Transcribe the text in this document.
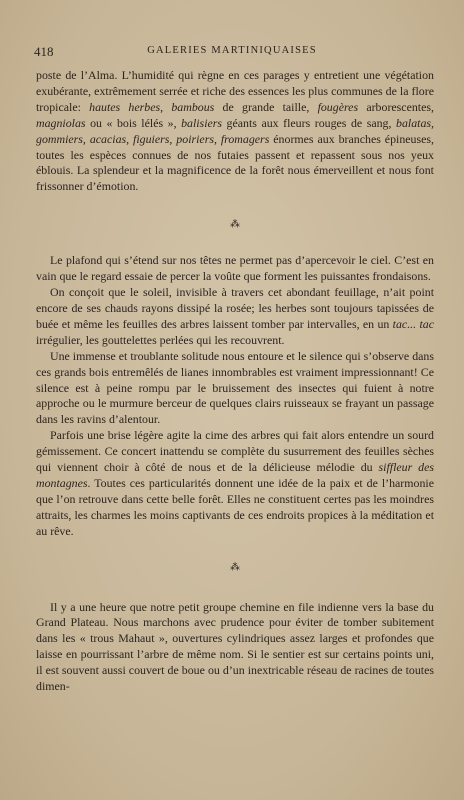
418	GALERIES MARTINIQUAISES

poste de l’Alma. L’humidité qui règne en ces parages y entretient une végétation exubérante, extrêmement serrée et riche des essences les plus communes de la flore tropicale: hautes herbes, bambous de grande taille, fougères arborescentes, magniolas ou « bois lélés », balisiers géants aux fleurs rouges de sang, balatas, gommiers, acacias, figuiers, poiriers, fromagers énormes aux branches épineuses, toutes les espèces connues de nos futaies passent et repassent sous nos yeux éblouis. La splendeur et la magnificence de la forêt nous émerveillent et nous font frissonner d’émotion.

⁂

Le plafond qui s’étend sur nos têtes ne permet pas d’apercevoir le ciel. C’est en vain que le regard essaie de percer la voûte que forment les puissantes frondaisons.

On conçoit que le soleil, invisible à travers cet abondant feuillage, n’ait point encore de ses chauds rayons dissipé la rosée; les herbes sont toujours tapissées de buée et même les feuilles des arbres laissent tomber par intervalles, en un tac... tac irrégulier, les gouttelettes perlées qui les recouvrent.

Une immense et troublante solitude nous entoure et le silence qui s’observe dans ces grands bois entremêlés de lianes innombrables est vraiment impressionnant! Ce silence est à peine rompu par le bruissement des insectes qui fuient à notre approche ou le murmure berceur de quelques clairs ruisseaux se frayant un passage dans les ravins d’alentour.

Parfois une brise légère agite la cime des arbres qui fait alors entendre un sourd gémissement. Ce concert inattendu se complète du susurrement des feuilles sèches qui viennent choir à côté de nous et de la délicieuse mélodie du siffleur des montagnes. Toutes ces particularités donnent une idée de la paix et de l’harmonie que l’on retrouve dans cette belle forêt. Elles ne constituent certes pas les moindres attraits, les charmes les moins captivants de ces endroits propices à la méditation et au rêve.

⁂

Il y a une heure que notre petit groupe chemine en file indienne vers la base du Grand Plateau. Nous marchons avec prudence pour éviter de tomber subitement dans les « trous Mahaut », ouvertures cylindriques assez larges et profondes que laisse en pourrissant l’arbre de même nom. Si le sentier est sur certains points uni, il est souvent aussi couvert de boue ou d’un inextricable réseau de racines de toutes dimen-
